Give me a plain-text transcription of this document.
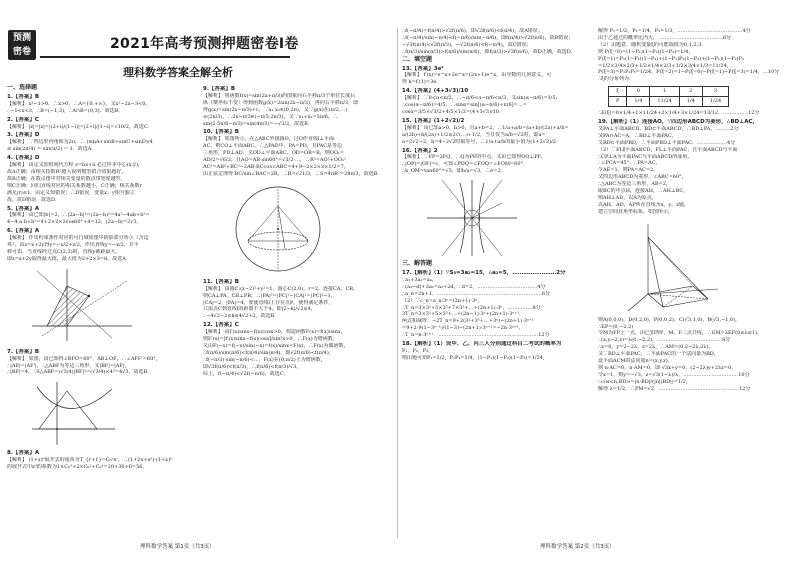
预测
密卷	2021年高考预测押题密卷I卷
理科数学答案全解全析
一、选择题
1.【答案】B
【解析】 x²−1>0，∴x>0，∴A={0,+∞}，又x²−2x−3<0，
∴−1<x<3，∴B=(−1,3)，∴A∩B=(0,3)．故选B．
2.【答案】C
【解析】 |z|=|z|=|(2+i)/(1−i)|=|2+i|/|1−i|=√10/2，故选C．
3.【答案】D
【解析】 ∵四边形内角和为2π，∴ (sinA+sinB+sinC+sinD)/4
≤ sin(2π/4) = sin(π/2) = 1．故选A．
4.【答案】D
【解析】 由定义知时间代方程 z=bx+a̅ 必过样本中心(x̅,y̅)，
故A正确；由相关指数R²越大说明模型拟合效果越好，
故B正确；在散点图中对相关变量的散点带宽度越窄，
则C正确：回归直线对应的相关系数越小，C正确；相关系数r
满足|r|≤1，由定义知错误；∴D错误．变量x、y相互独立
故，故D错误．故选D．
5.【答案】A
【解析】 由已知|b|=2，∴|2a−b|²=(2a−b)²=4a²−4ab+b²=
4−4·a·b+b²=4+2×2×2cos60°+4=12，|2a−b|=2√3．
6.【答案】A
【解析】 作出约束条件对应的可行域如图中阴影部分所示（含边
界），由z=x+2y得y=−x/2+z/2，作出直线y=−x/2，并平
移可知，当直线经过点C(2,3)时，直线y截距最大，
即z=x+2y取得最大值，最大值为2+2×3=8，故选A．
7.【答案】B
【解析】 如图，由已知得∠BFO=60°，AB⊥OF，∴∠AFF'=60°，
∴|AF|=|AF'|，∴△ABF为等边三角形，又|BF|=|AF|，
∴|BF|=4，∴S△ABF=(√3/4)|BF|²=(√3/4)×4²=4√3，故选B．
8.【答案】A
【解析】 (1+x)⁶展开式的通项为T_{r+1}=C₆ʳxʳ，∴(1+2x+x²)·(1+x)⁶
的展开式中x³的系数为1×C₆³+2×C₆²+C₆¹=20+30+6=56．
9.【答案】B
【解析】 将函数f(x)=sin(2x+π/3)的图象向右平移π/3个单位长度后
纵（横坐标不变）得到函数g(x)=2sin(2x−π/3)，再向右平移π/3，即
得g(x)=sin(2x−π/3)+c，∵x₁,x₂∈(0,2π)，又∵g(x)在(π/2,…)
≤(2π/3)，∴2x−π/3∈(−π/3,2π/3)，又∵x₁+x₂=5π/6，∴
sin(2·5π/6−π/3)=sin(4π/3)=−√3/2，故选B．
10.【答案】B
【解析】 如图所示，在△ABC外接圆O，过O作直线l⊥平面
AC，则CO⊥平面ABC，∴△PAD中，PA=PD，且PAC是等边
三角形，PD⊥AD，又OD⊥平面ABC，OD=OB=R，则OO₁=
AD/2=√6/2，且AO=AB·sin60°=√3/2·…，∴R²=AO²+OO₁²
AC²=AB²+BC²−2AB·BCcos∠ABC=4+9−2×2×3×1/2=7，
由正弦定理得 BC/sin∠BAC=2R，∴R=√21/3，∴S=4πR²=28π/3，故选B．
11.【答案】B
【解析】 由圆C:(x−2)²+y²=1，圆心C(2,0)，r=2，连接CA，CB，
则CA⊥PA，CB⊥PB，∴|PA|²=|PC|²−|CA|²=|PC|²−1，
|CA|=2，|PA|=4，要使直线l上存在点P，使得满足条件，
只需点C到直线l的距离不大于4，即|2−k|/√2≤4，
∴−4√2−2≤k≤4√2+2，故选B．
12.【答案】C
【解析】 由f′(x)sinx−f(x)cosx>0，构造函数F(x)=f(x)/sinx，
则F′(x)=[f′(x)sinx−f(x)cosx]/sin²x>0，∴F(x)为增函数，
又由F(−x)=f(−x)/sin(−x)=f(x)/sinx=F(x)，∴F(x)为偶函数，
∴f(π/6)/sin(π/6)<f(π/4)/sin(π/4)，即√2f(π/6)<f(π/4)，
∴f(−π/3)·sin(−π/6)<…，F(x)在(0,π/2)上为增函数，
即√3f(π/6)<f(π/3)，∴f(π/6)<f(π/3)/√3，
综上，f(−π/4)<√2f(−π/6)，故选C．
∴f(−π/4)=f(π/4)>√2f(π/6)，即√2f(π/6)<f(π/4)，故A错误；
∴f(−π/4)/sin(−π/4)<f(−π/6)/sin(−π/6)，即f(π/4)>√2f(π/6)，故B错误；
−√3f(π/4)<√2f(π/3)，−√2f(π/6)<f(−π/4)，故C错误；
∴f(π/3)/sin(π/3)>f(π/6)/sin(π/6)，即f(π/3)>√3f(π/6)，故D正确，故选D．
二、填空题
13.【答案】3e²
【解析】 f′(x)=e^x+2e^x=(2x+1)e^x，由导数的几何意义，可
得 k=f′(1)=3e．
14.【答案】(4+3√3)/10
【解析】 ∵0<α<π/2，∴−π/6<α−π/6<π/3，又sin(α−π/6)=3/5，
∴cos(α−π/6)=4/5，∴sinα=sin[(α−π/6)+π/6]=…=
cosα=3/5×√3/2+4/5×1/2=(4+3√3)/10．
15.【答案】(1+2√2)/2
【解析】 由已知a>0，b>0，且a+b=2，∴1/a+a/b=(a+b)/(2a)+a/b=
a/(2b)+b/(2a)+1/2≥2√(…)+1/2，当且仅当a/b=√2时，即a=
a=2√2−2，b=4−2√2时取等号，∴1/a+a/b的最小值为(1+2√2)/2．
16.【答案】2
【解析】 ∵FP=2FQ，∴Q为PF的中点，又由已知得OQ⊥PF，
∴|OP|=|OF|=c，可知∠POQ=∠FOQ=∠FOM=60°，
∴k_OM=tan60°=√3，即b/a=√3，∴e=2．
三、解答题
17.【解析】（1）∵S₃=3a₂=15，∴a₂=5，……………………2分
∵a₁+3a₂=a₄，
∴(a₂−d)+3a₂=a₂+2d，∴d=2，………………………………4分
∴a_n=2n+1．………………………………………………………6分
（2）∵c_n=a_n·3ⁿ=(2n+1)·3ⁿ，
∴T_n=3×3¹+5×3²+7×3³+…+(2n+1)·3ⁿ，……………8分
3T_n=3×3²+5×3³+…+(2n−1)·3ⁿ+(2n+1)·3ⁿ⁺¹，
两式相减得：−2T_n=9+2(3²+3³+…+3ⁿ)−(2n+1)·3ⁿ⁺¹
=9+2·9(1−3ⁿ⁻¹)/(1−3)−(2n+1)·3ⁿ⁺¹=−2n·3ⁿ⁺¹，
∴T_n=n·3ⁿ⁺¹．……………………………………………………12分
18.【解析】（1）设甲、乙、丙三人分别通过科目二考试的概率为
P₁，P₂，P₃，
则由题可知P₁=1/2，P₁P₂=1/4，(1−P₁)(1−P₂)(1−P₃)=1/24，
解得 P₁=1/2，P₂=1/4，P₃=1/3，…………………………………4分
由于乙通过的概率比丙大，…………………………………6分
（2）由题意，随机变量ξ的可能取值为0,1,2,3．
则 P(ξ=0)=(1−P₁)(1−P₂)(1−P₃)=1/4，
P(ξ=1)=P₁(1−P₂)(1−P₃)+(1−P₁)P₂(1−P₃)+(1−P₁)(1−P₂)P₃
=1/2×3/4×2/3+1/2×1/4×2/3+1/2×3/4×1/3=11/24，
P(ξ=3)=P₁P₂P₃=1/24，P(ξ=2)=1−P(ξ=0)−P(ξ=1)−P(ξ=3)=1/4，…10分
∴ξ的分布列为：
ξ	0	1	2	3
P	1/4	11/24	1/4	1/24
∴E(ξ)=0×1/4+1×11/24+2×1/4+3×1/24=13/12．……………12分
19.【解析】（1）连接AO，∵四边形ABCD为菱形，∴BD⊥AC，
又PA⊥平面ABCD，BD⊂平面ABCD，∴BD⊥PA，………2分
又PA∩AC=A，∴BD⊥平面PAC，
又BD⊂平面PBD，∴平面PBD⊥平面PAC．………………4分
（2）∵FL∥平面ABCD，FL⊥平面PAC，且平面ABCD与平面
∴CP⊥A为平面PAC与平面ABCD所成角，
∴∠PCA=45°，∴PA=AC，
令AE=1，则PA=AC=2，
又四边形ABCD为菱形，∠ABC=60°，
∴△ABC为等边三角形，AB=2，
取BC的中点H，连接AH，∴AH⊥BC，
则AH⊥AD，以A为原点，
以AH，AD，AP所在直线为x、y、z轴，
建立空间直角坐标系，如图所示，
则A(0,0,0)，D(0,2,0)，P(0,0,2)，C(√3,1,0)，B(√3,−1,0)，
∴EP=(0,−2,2)
令M为FP上一点，由已知得P，M，F三点共线，∴EM=λEF(0≤λ≤1)，
∴(x,y−2,z)=λ(0,−2,2)，…………………………………8分
∴x=0，y=2−2λ，z=2λ，∴AM=(0,2−2λ,2λ)，
又∵BD⊥平面PAC，∴平面PAC的一个法向量为BD，
设平面ACM的法向量n=(x,y,z)，
则 n·AC=0，n·AM=0，即 √3x+y=0，(2−2λ)y+2λz=0，
令x=1，则y=−√3，z=√3(1−λ)/λ，……………………………10分
∴cos<n,BD>=|n·BD|/(|n||BD|)=1/2，
解得 λ=1/2，∴PM=√2．…………………………………………12分
理科数学答案 第1页（共3页）	理科数学答案 第2页（共3页）
